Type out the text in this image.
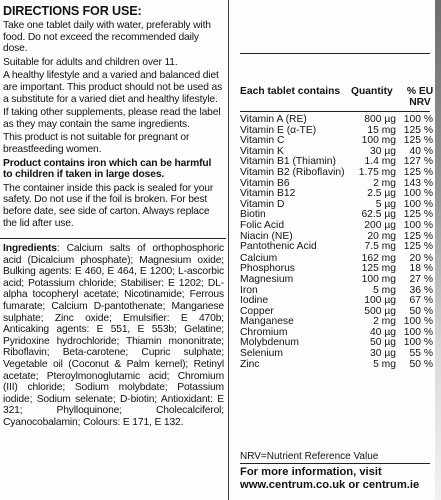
DIRECTIONS FOR USE:
Take one tablet daily with water, preferably with food. Do not exceed the recommended daily dose.
Suitable for adults and children over 11.
A healthy lifestyle and a varied and balanced diet are important. This product should not be used as a substitute for a varied diet and healthy lifestyle.
If taking other supplements, please read the label as they may contain the same ingredients.
This product is not suitable for pregnant or breastfeeding women.
Product contains iron which can be harmful to children if taken in large doses.
The container inside this pack is sealed for your safety. Do not use if the foil is broken. For best before date, see side of carton. Always replace the lid after use.
Ingredients: Calcium salts of orthophosphoric acid (Dicalcium phosphate); Magnesium oxide; Bulking agents: E 460, E 464, E 1200; L-ascorbic acid; Potassium chloride; Stabiliser: E 1202; DL-alpha tocopheryl acetate; Nicotinamide; Ferrous fumarate; Calcium D-pantothenate; Manganese sulphate; Zinc oxide; Emulsifier: E 470b; Anticaking agents: E 551, E 553b; Gelatine; Pyridoxine hydrochloride; Thiamin mononitrate; Riboflavin; Beta-carotene; Cupric sulphate; Vegetable oil (Coconut & Palm kernel); Retinyl acetate; Pteroylmonoglutamic acid; Chromium (III) chloride; Sodium molybdate; Potassium iodide; Sodium selenate; D-biotin; Antioxidant: E 321; Phylloquinone; Cholecalciferol; Cyanocobalamin; Colours: E 171, E 132.
Each tablet contains Quantity % EU NRV
Vitamin A (RE)	800 µg 100 %
Vitamin E (α-TE)	15 mg 125 %
Vitamin C	100 mg 125 %
Vitamin K	30 µg	40 %
Vitamin B1 (Thiamin)	1.4 mg 127 %
Vitamin B2 (Riboflavin)	1.75 mg 125 %
Vitamin B6	2 mg 143 %
Vitamin B12	2.5 µg 100 %
Vitamin D	5 µg 100 %
Biotin	62.5 µg 125 %
Folic Acid	200 µg 100 %
Niacin (NE)	20 mg 125 %
Pantothenic Acid	7.5 mg 125 %
Calcium	162 mg	20 %
Phosphorus	125 mg	18 %
Magnesium	100 mg	27 %
Iron	5 mg	36 %
Iodine	100 µg	67 %
Copper	500 µg	50 %
Manganese	2 mg 100 %
Chromium	40 µg 100 %
Molybdenum	50 µg 100 %
Selenium	30 µg	55 %
Zinc	5 mg	50 %
NRV=Nutrient Reference Value
For more information, visit
www.centrum.co.uk or centrum.ie
